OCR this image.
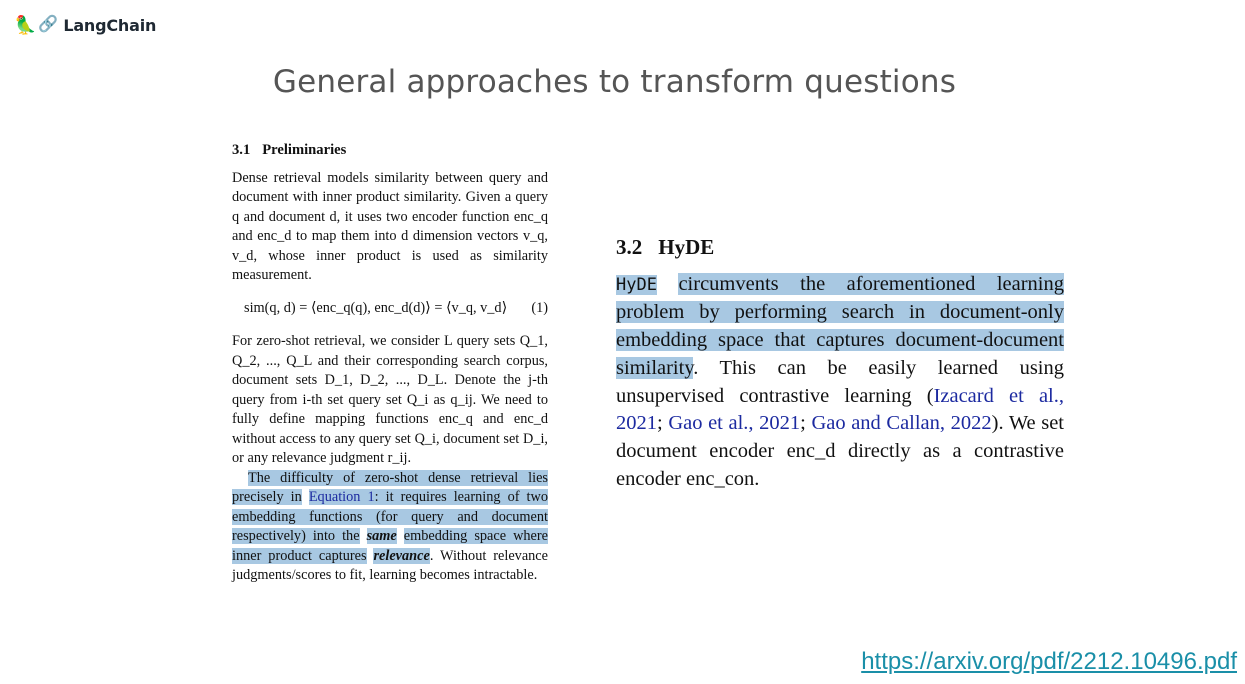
🦜 🔗 LangChain
General approaches to transform questions
3.1 Preliminaries
Dense retrieval models similarity between query and document with inner product similarity. Given a query q and document d, it uses two encoder function enc_q and enc_d to map them into d dimension vectors v_q, v_d, whose inner product is used as similarity measurement.
sim(q, d) = ⟨enc_q(q), enc_d(d)⟩ = ⟨v_q, v_d⟩ (1)
For zero-shot retrieval, we consider L query sets Q_1, Q_2, ..., Q_L and their corresponding search corpus, document sets D_1, D_2, ..., D_L. Denote the j-th query from i-th set query set Q_i as q_ij. We need to fully define mapping functions enc_q and enc_d without access to any query set Q_i, document set D_i, or any relevance judgment r_ij.
The difficulty of zero-shot dense retrieval lies precisely in Equation 1: it requires learning of two embedding functions (for query and document respectively) into the same embedding space where inner product captures relevance. Without relevance judgments/scores to fit, learning becomes intractable.
3.2 HyDE
HyDE circumvents the aforementioned learning problem by performing search in document-only embedding space that captures document-document similarity. This can be easily learned using unsupervised contrastive learning (Izacard et al., 2021; Gao et al., 2021; Gao and Callan, 2022). We set document encoder enc_d directly as a contrastive encoder enc_con.
https://arxiv.org/pdf/2212.10496.pdf
